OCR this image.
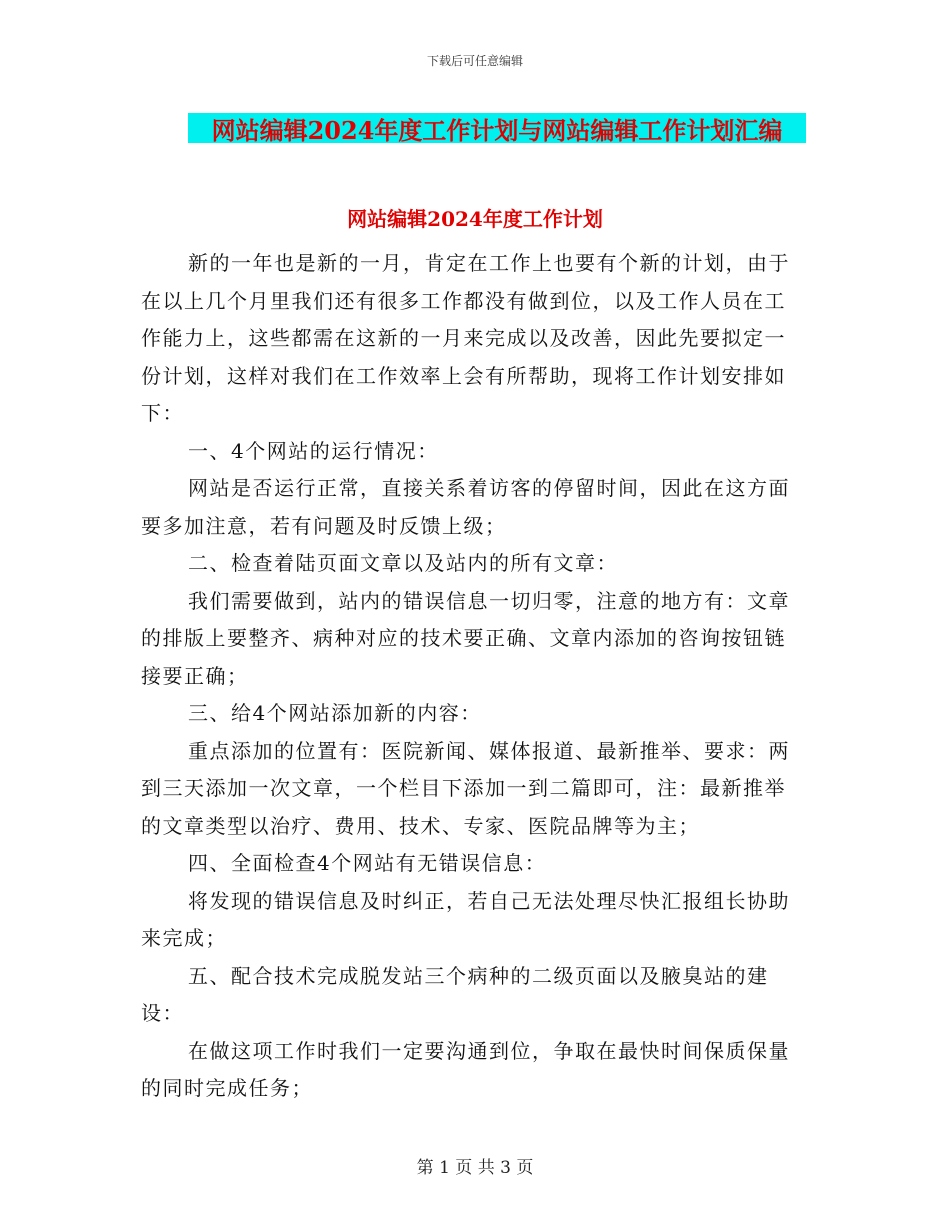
下载后可任意编辑
网站编辑2024年度工作计划与网站编辑工作计划汇编
网站编辑2024年度工作计划

新的一年也是新的一月，肯定在工作上也要有个新的计划，由于在以上几个月里我们还有很多工作都没有做到位，以及工作人员在工作能力上，这些都需在这新的一月来完成以及改善，因此先要拟定一份计划，这样对我们在工作效率上会有所帮助，现将工作计划安排如下：

一、4个网站的运行情况：

网站是否运行正常，直接关系着访客的停留时间，因此在这方面要多加注意，若有问题及时反馈上级；

二、检查着陆页面文章以及站内的所有文章：

我们需要做到，站内的错误信息一切归零，注意的地方有：文章的排版上要整齐、病种对应的技术要正确、文章内添加的咨询按钮链接要正确；

三、给4个网站添加新的内容：

重点添加的位置有：医院新闻、媒体报道、最新推举、要求：两到三天添加一次文章，一个栏目下添加一到二篇即可，注：最新推举的文章类型以治疗、费用、技术、专家、医院品牌等为主；

四、全面检查4个网站有无错误信息：

将发现的错误信息及时纠正，若自己无法处理尽快汇报组长协助来完成；

五、配合技术完成脱发站三个病种的二级页面以及腋臭站的建设：

在做这项工作时我们一定要沟通到位，争取在最快时间保质保量的同时完成任务；

第 1 页 共 3 页
